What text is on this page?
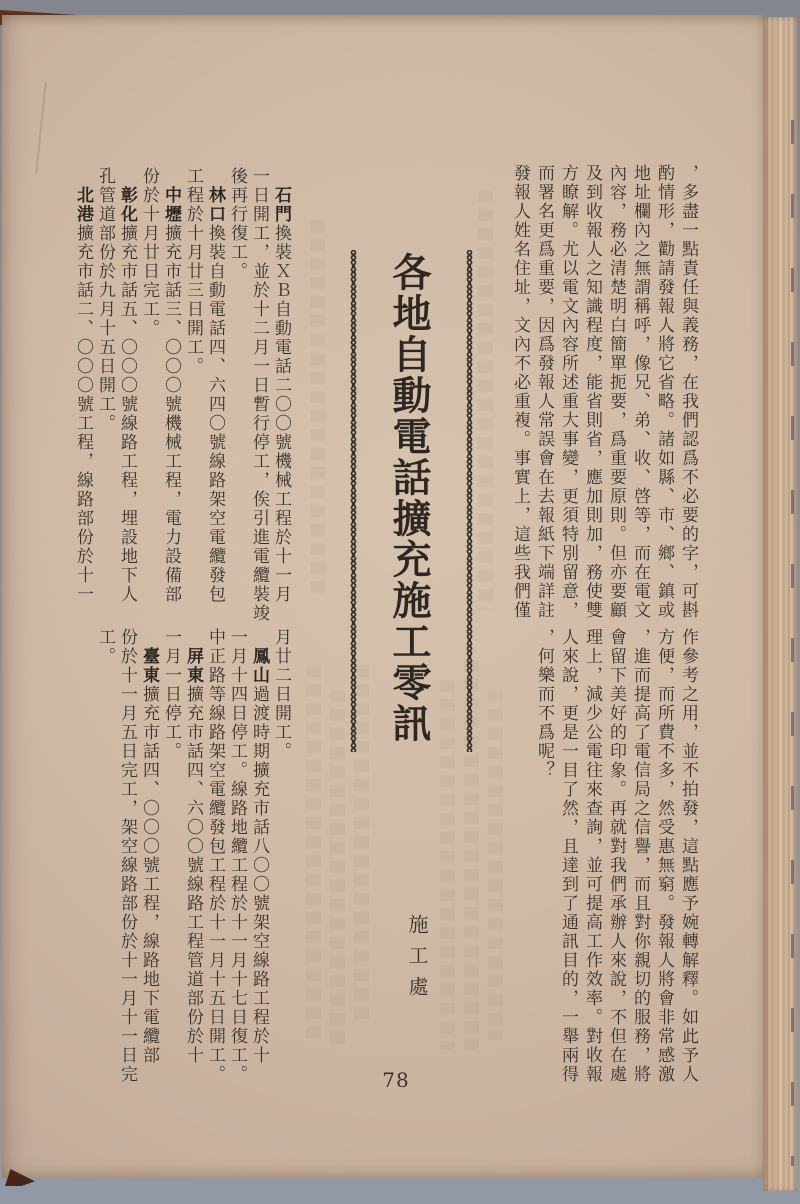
，多盡一點責任與義務，在我們認爲不必要的字，可斟
酌情形，勸請發報人將它省略。諸如縣、市、鄉、鎮或
地址欄內之無謂稱呼，像兄、弟、收、啓等，而在電文
內容，務必清楚明白簡單扼要，爲重要原則。但亦要顧
及到收報人之知識程度，能省則省，應加則加，務使雙
方瞭解。尤以電文內容所述重大事變，更須特別留意，
而署名更爲重要，因爲發報人常誤會在去報紙下端詳註
發報人姓名住址，文內不必重複。事實上，這些我們僅
作參考之用，並不拍發，這點應予婉轉解釋。如此予人
方便，而所費不多，然受惠無窮。發報人將會非常感激
，進而提高了電信局之信譽，而且對你親切的服務，將
會留下美好的印象。再就對我們承辦人來說，不但在處
理上，減少公電往來查詢，並可提高工作效率。對收報
人來說，更是一目了然，且達到了通訊目的，一舉兩得
，何樂而不爲呢？
各地自動電話擴充施工零訊
施工處
　石門換裝ＸＢ自動電話二〇〇號機械工程於十一月
一日開工，並於十二月一日暫行停工，俟引進電纜裝竣
後再行復工。
　林口換裝自動電話四、六四〇號線路架空電纜發包
工程於十月廿三日開工。
　中壢擴充市話三、〇〇〇號機械工程，電力設備部
份於十月廿日完工。
　彰化擴充市話五、〇〇〇號線路工程，埋設地下人
孔管道部份於九月十五日開工。
　北港擴充市話二、〇〇〇號工程，線路部份於十一
月廿二日開工。
　鳳山過渡時期擴充市話八〇〇號架空線路工程於十
一月十四日停工。線路地纜工程於十一月十七日復工。
中正路等線路架空電纜發包工程於十一月十五日開工。
　屏東擴充市話四、六〇〇號線路工程管道部份於十
一月一日停工。
　臺東擴充市話四、〇〇〇號工程，線路地下電纜部
份於十一月五日完工，架空線路部份於十一月十一日完
工。
78
